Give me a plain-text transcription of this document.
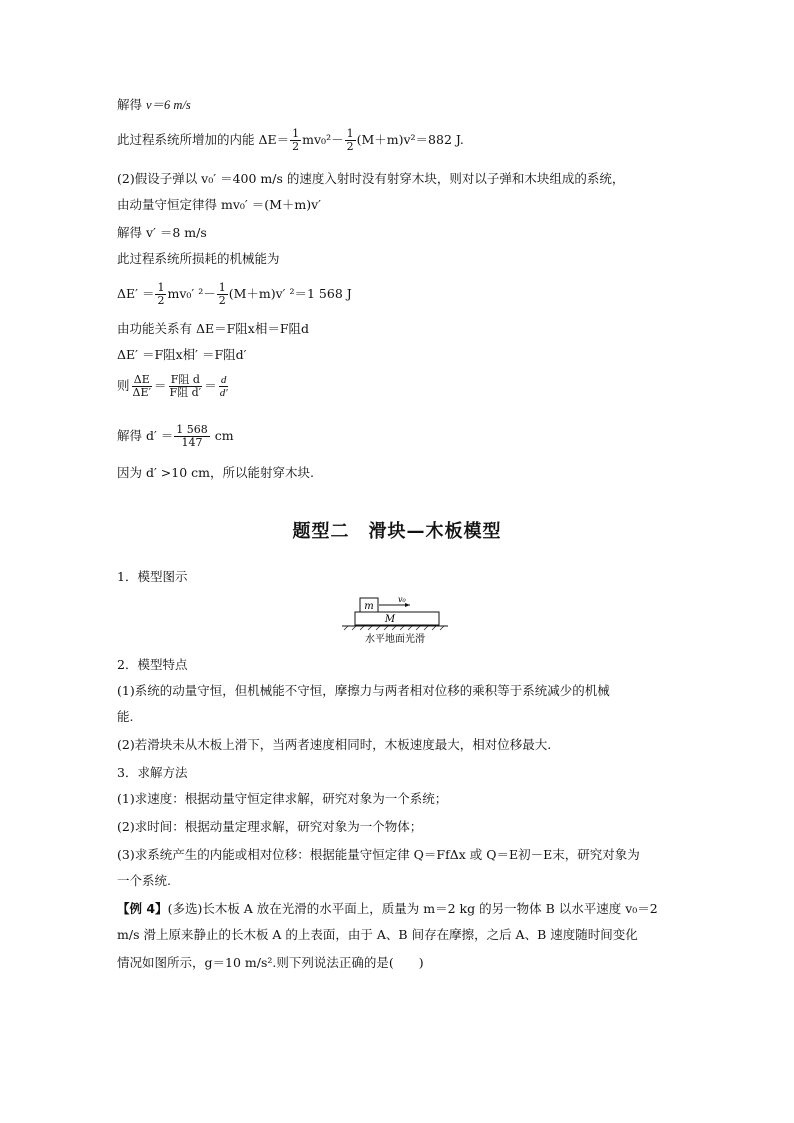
解得 v＝6 m/s
此过程系统所增加的内能 $\Delta E= \frac{1}{2} mv_0^2- \frac{1}{2} (M+m)v^2=882$ J.
(2)假设子弹以 v₀′ ＝400 m/s 的速度入射时没有射穿木块，则对以子弹和木块组成的系统，
由动量守恒定律得 mv₀′ ＝(M＋m)v′
解得 v′ ＝8 m/s
此过程系统所损耗的机械能为
$\Delta E' = \frac{1}{2} mv_0'$ $^2- \frac{1}{2} (M+m)v'$ ²＝1 568 J
由功能关系有 ΔE＝F阻x相＝F阻d
ΔE′ ＝F阻x相′ ＝F阻d′
则 $\frac{\Delta E}{\Delta E'} = \frac{\text{F阻 d}}{\text{F阻 d′}} = \frac{d}{d'}$
解得 $d' = \frac{1 568}{147}$ cm
因为 d′ >10 cm，所以能射穿木块.
题型二　滑块—木板模型
1．模型图示
m
v₀
M
水平地面光滑
2．模型特点
(1)系统的动量守恒，但机械能不守恒，摩擦力与两者相对位移的乘积等于系统减少的机械
能.
(2)若滑块未从木板上滑下，当两者速度相同时，木板速度最大，相对位移最大.
3．求解方法
(1)求速度：根据动量守恒定律求解，研究对象为一个系统；
(2)求时间：根据动量定理求解，研究对象为一个物体；
(3)求系统产生的内能或相对位移：根据能量守恒定律 Q＝FfΔx 或 Q＝E初－E末，研究对象为
一个系统.
【例 4】(多选)长木板 A 放在光滑的水平面上，质量为 m＝2 kg 的另一物体 B 以水平速度 v₀＝2
m/s 滑上原来静止的长木板 A 的上表面，由于 A、B 间存在摩擦，之后 A、B 速度随时间变化
情况如图所示，g＝10 m/s².则下列说法正确的是(　　)
